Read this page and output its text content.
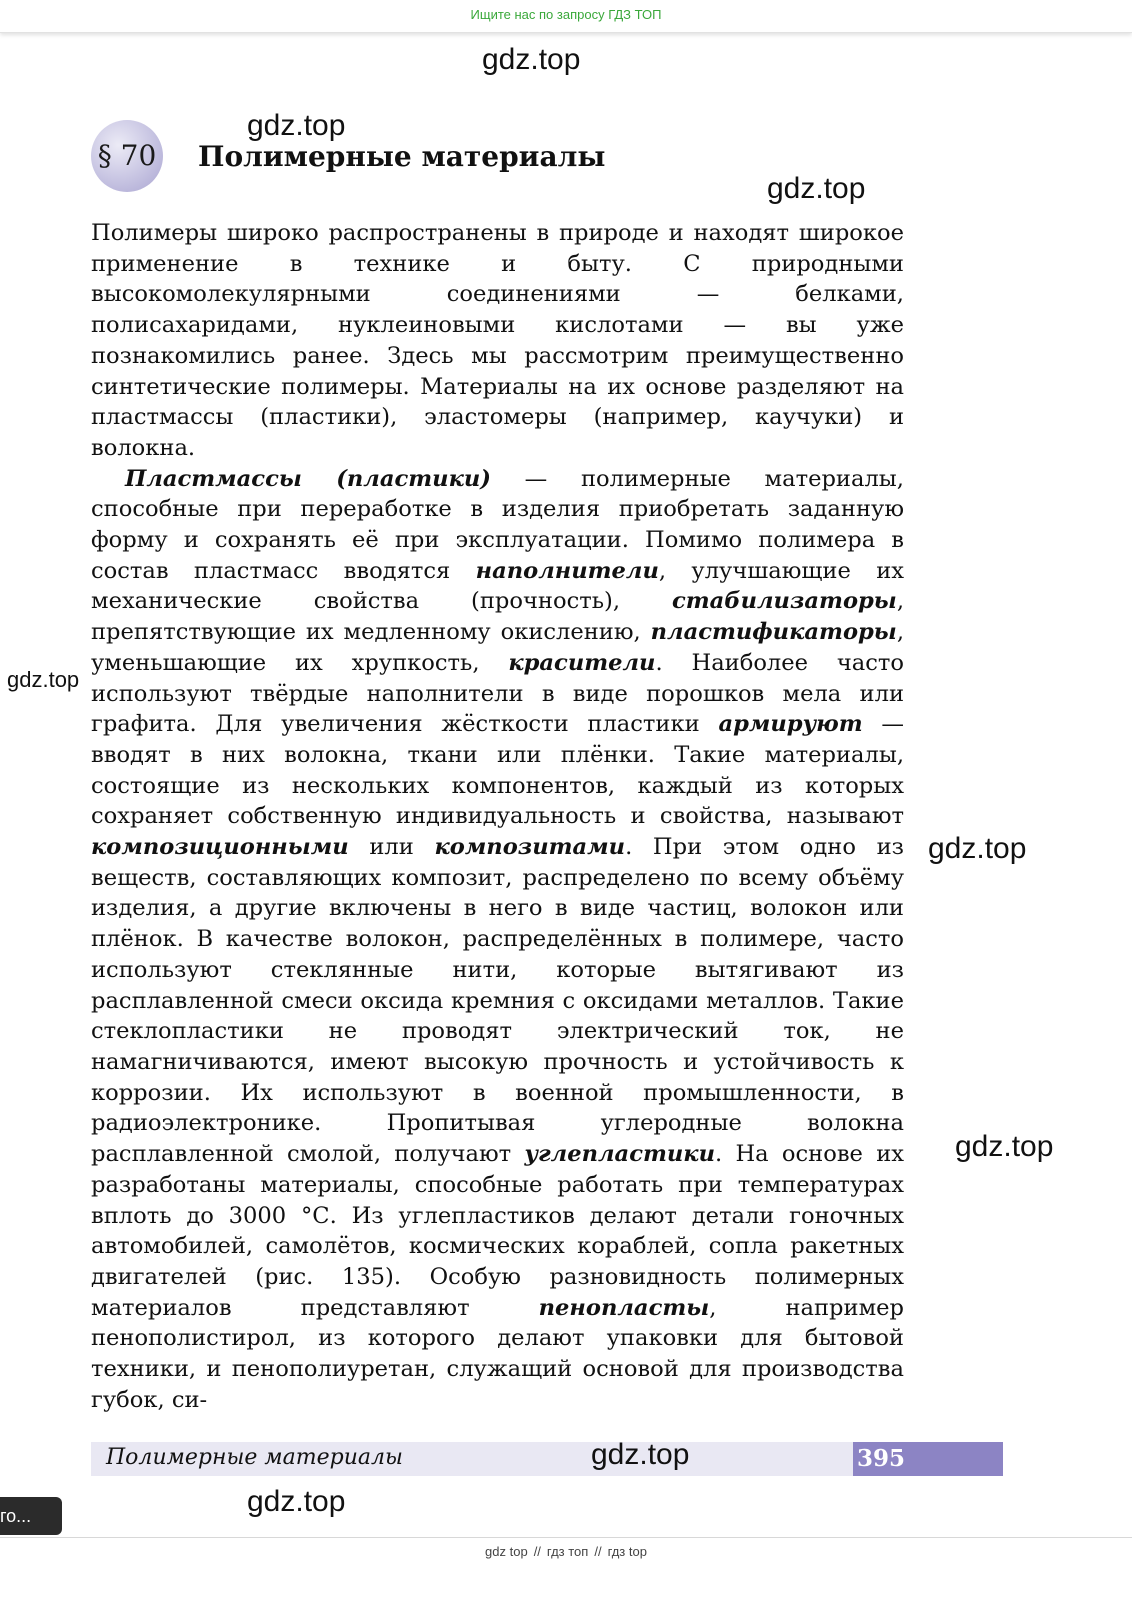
Ищите нас по запросу ГДЗ ТОП
gdz.top
gdz.top
gdz.top
gdz.top
gdz.top
gdz.top
§ 70 Полимерные материалы

Полимеры широко распространены в природе и находят широкое применение в технике и быту. С природными высокомолекулярными соединениями — белками, полисахаридами, нуклеиновыми кислотами — вы уже познакомились ранее. Здесь мы рассмотрим преимущественно синтетические полимеры. Материалы на их основе разделяют на пластмассы (пластики), эластомеры (например, каучуки) и волокна.

Пластмассы (пластики) — полимерные материалы, способные при переработке в изделия приобретать заданную форму и сохранять её при эксплуатации. Помимо полимера в состав пластмасс вводятся наполнители, улучшающие их механические свойства (прочность), стабилизаторы, препятствующие их медленному окислению, пластификаторы, уменьшающие их хрупкость, красители. Наиболее часто используют твёрдые наполнители в виде порошков мела или графита. Для увеличения жёсткости пластики армируют — вводят в них волокна, ткани или плёнки. Такие материалы, состоящие из нескольких компонентов, каждый из которых сохраняет собственную индивидуальность и свойства, называют композиционными или композитами. При этом одно из веществ, составляющих композит, распределено по всему объёму изделия, а другие включены в него в виде частиц, волокон или плёнок. В качестве волокон, распределённых в полимере, часто используют стеклянные нити, которые вытягивают из расплавленной смеси оксида кремния с оксидами металлов. Такие стеклопластики не проводят электрический ток, не намагничиваются, имеют высокую прочность и устойчивость к коррозии. Их используют в военной промышленности, в радиоэлектронике. Пропитывая углеродные волокна расплавленной смолой, получают углепластики. На основе их разработаны материалы, способные работать при температурах вплоть до 3000 °С. Из углепластиков делают детали гоночных автомобилей, самолётов, космических кораблей, сопла ракетных двигателей (рис. 135). Особую разновидность полимерных материалов представляют пенопласты, например пенополистирол, из которого делают упаковки для бытовой техники, и пенополиуретан, служащий основой для производства губок, си-

Полимерные материалы	gdz.top	395
gdz.top
го...
gdz top // гдз топ // гдз top
